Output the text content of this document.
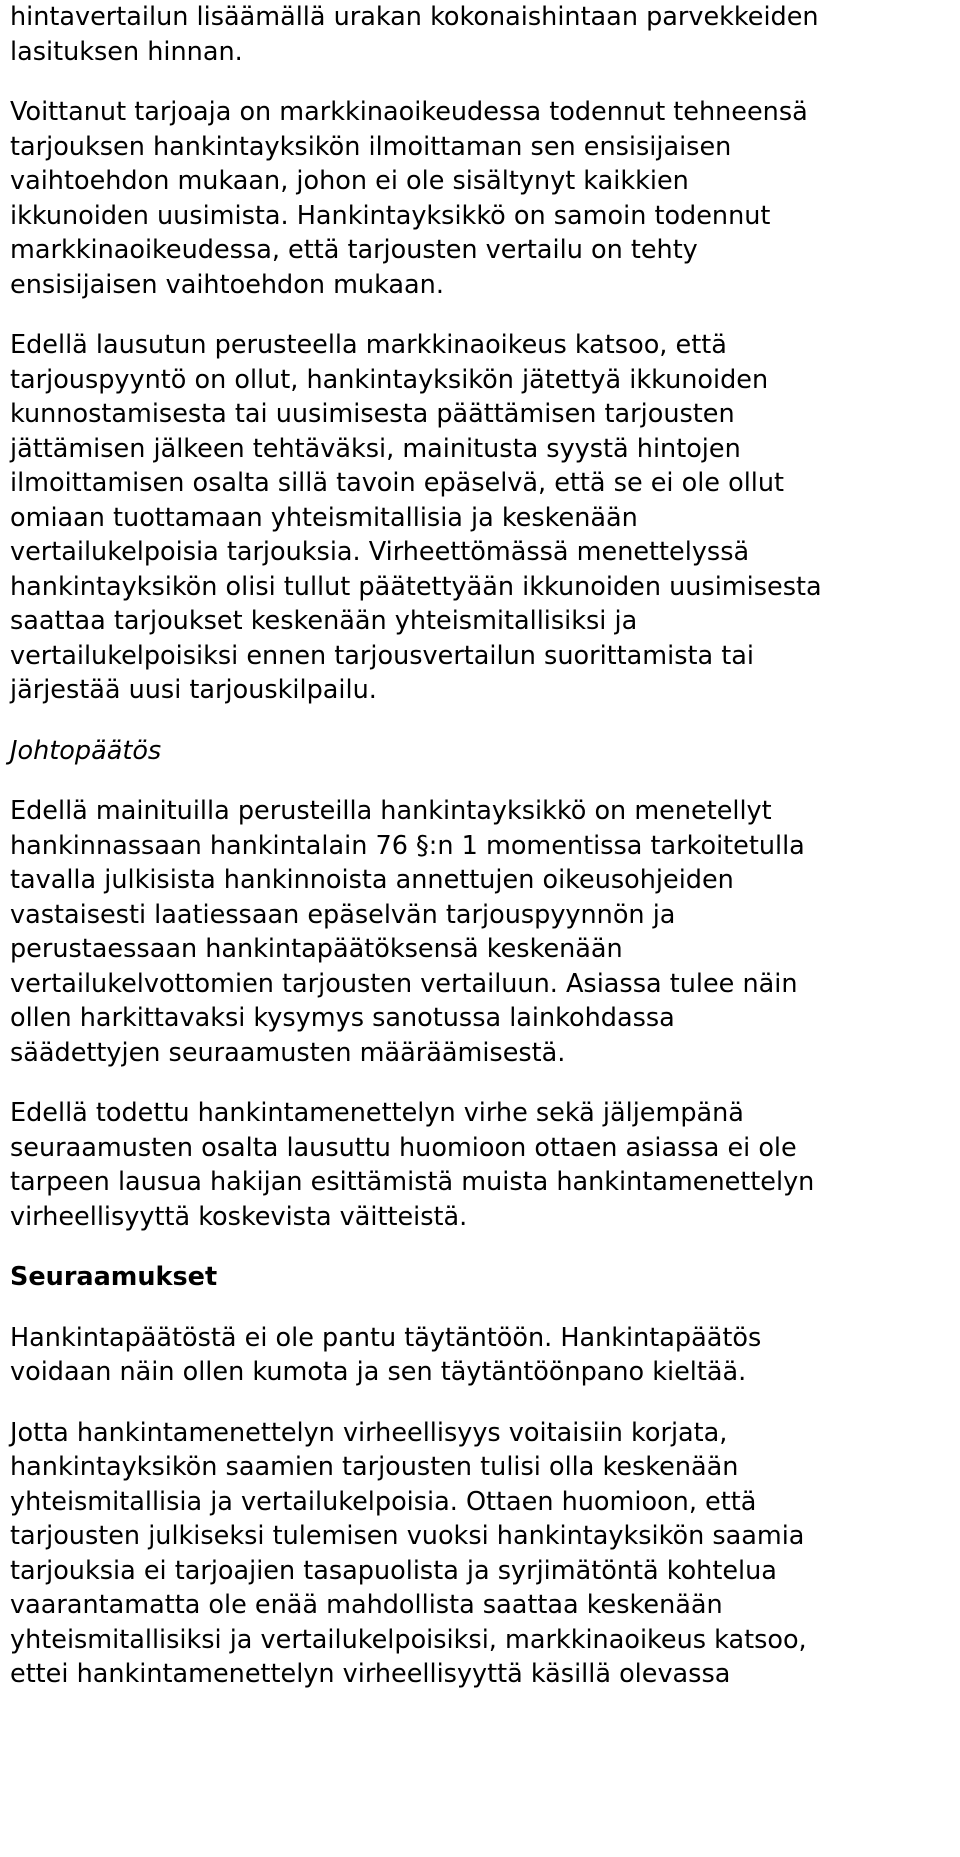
hintavertailun lisäämällä urakan kokonaishintaan parvekkeiden
lasituksen hinnan.
Voittanut tarjoaja on markkinaoikeudessa todennut tehneensä
tarjouksen hankintayksikön ilmoittaman sen ensisijaisen
vaihtoehdon mukaan, johon ei ole sisältynyt kaikkien
ikkunoiden uusimista. Hankintayksikkö on samoin todennut
markkinaoikeudessa, että tarjousten vertailu on tehty
ensisijaisen vaihtoehdon mukaan.
Edellä lausutun perusteella markkinaoikeus katsoo, että
tarjouspyyntö on ollut, hankintayksikön jätettyä ikkunoiden
kunnostamisesta tai uusimisesta päättämisen tarjousten
jättämisen jälkeen tehtäväksi, mainitusta syystä hintojen
ilmoittamisen osalta sillä tavoin epäselvä, että se ei ole ollut
omiaan tuottamaan yhteismitallisia ja keskenään
vertailukelpoisia tarjouksia. Virheettömässä menettelyssä
hankintayksikön olisi tullut päätettyään ikkunoiden uusimisesta
saattaa tarjoukset keskenään yhteismitallisiksi ja
vertailukelpoisiksi ennen tarjousvertailun suorittamista tai
järjestää uusi tarjouskilpailu.
Johtopäätös
Edellä mainituilla perusteilla hankintayksikkö on menetellyt
hankinnassaan hankintalain 76 §:n 1 momentissa tarkoitetulla
tavalla julkisista hankinnoista annettujen oikeusohjeiden
vastaisesti laatiessaan epäselvän tarjouspyynnön ja
perustaessaan hankintapäätöksensä keskenään
vertailukelvottomien tarjousten vertailuun. Asiassa tulee näin
ollen harkittavaksi kysymys sanotussa lainkohdassa
säädettyjen seuraamusten määräämisestä.
Edellä todettu hankintamenettelyn virhe sekä jäljempänä
seuraamusten osalta lausuttu huomioon ottaen asiassa ei ole
tarpeen lausua hakijan esittämistä muista hankintamenettelyn
virheellisyyttä koskevista väitteistä.
Seuraamukset
Hankintapäätöstä ei ole pantu täytäntöön. Hankintapäätös
voidaan näin ollen kumota ja sen täytäntöönpano kieltää.
Jotta hankintamenettelyn virheellisyys voitaisiin korjata,
hankintayksikön saamien tarjousten tulisi olla keskenään
yhteismitallisia ja vertailukelpoisia. Ottaen huomioon, että
tarjousten julkiseksi tulemisen vuoksi hankintayksikön saamia
tarjouksia ei tarjoajien tasapuolista ja syrjimätöntä kohtelua
vaarantamatta ole enää mahdollista saattaa keskenään
yhteismitallisiksi ja vertailukelpoisiksi, markkinaoikeus katsoo,
ettei hankintamenettelyn virheellisyyttä käsillä olevassa
